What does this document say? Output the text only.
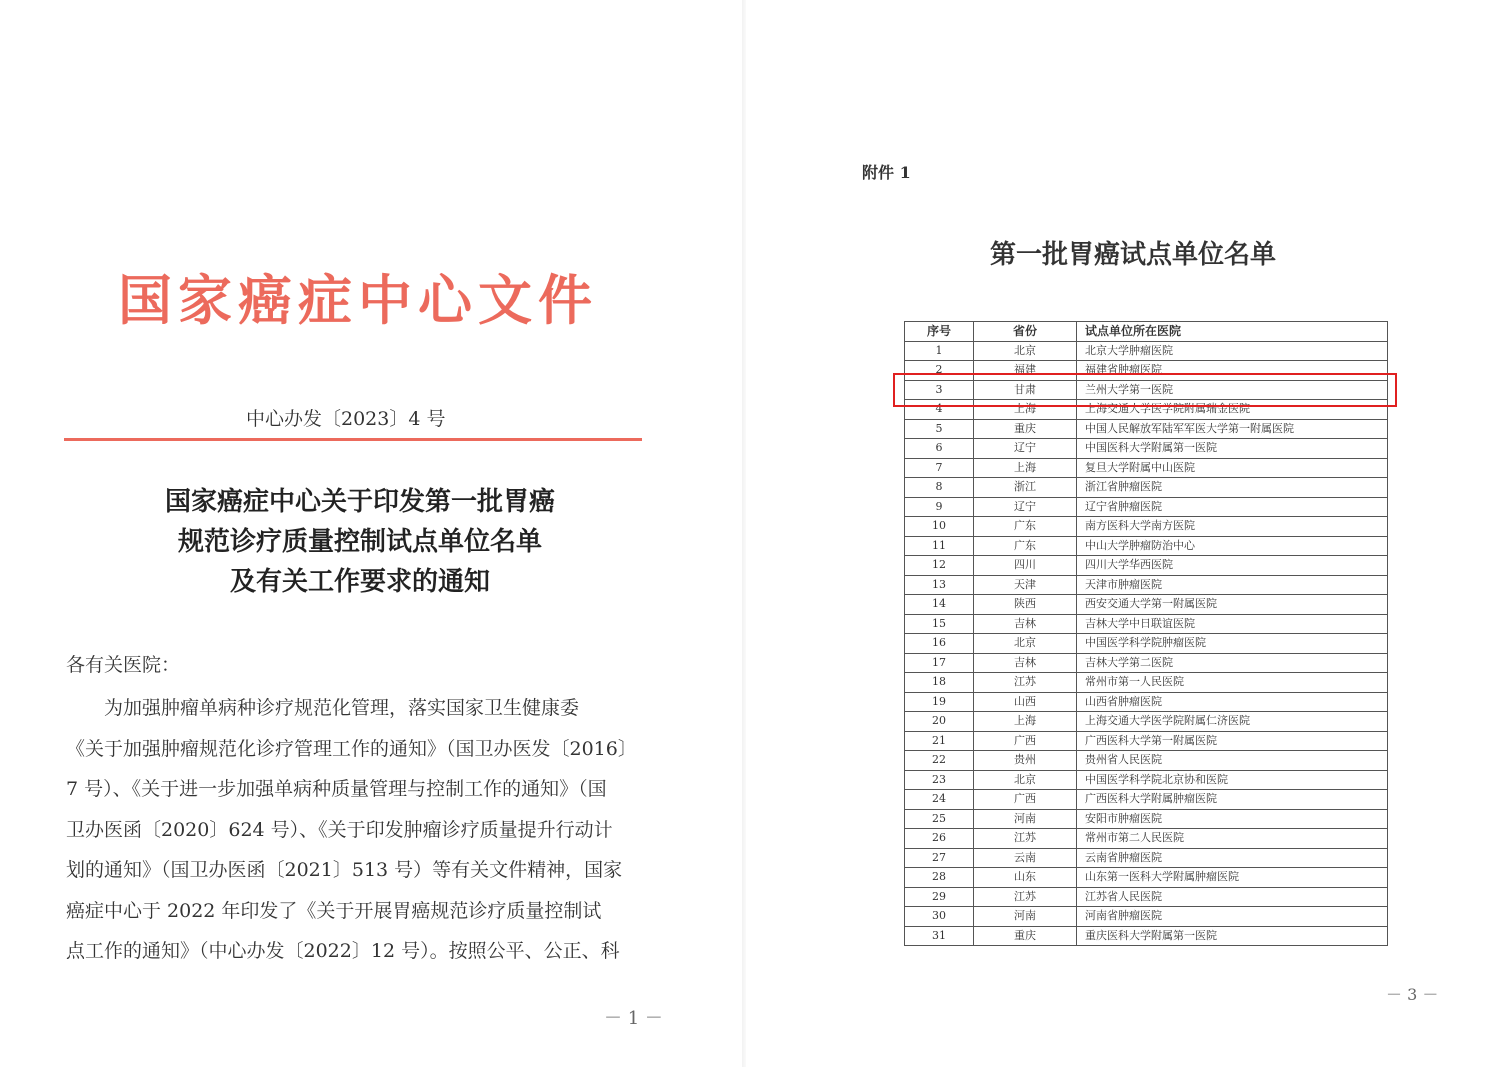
国家癌症中心文件
中心办发〔2023〕4 号
国家癌症中心关于印发第一批胃癌
规范诊疗质量控制试点单位名单
及有关工作要求的通知
各有关医院：
　　为加强肿瘤单病种诊疗规范化管理，落实国家卫生健康委
《关于加强肿瘤规范化诊疗管理工作的通知》（国卫办医发〔2016〕
7 号）、《关于进一步加强单病种质量管理与控制工作的通知》（国
卫办医函〔2020〕624 号）、《关于印发肿瘤诊疗质量提升行动计
划的通知》（国卫办医函〔2021〕513 号）等有关文件精神，国家
癌症中心于 2022 年印发了《关于开展胃癌规范诊疗质量控制试
点工作的通知》（中心办发〔2022〕12 号）。按照公平、公正、科
－ 1 －
附件 1
第一批胃癌试点单位名单
序号	省份	试点单位所在医院
1	北京	北京大学肿瘤医院
2	福建	福建省肿瘤医院
3	甘肃	兰州大学第一医院
4	上海	上海交通大学医学院附属瑞金医院
5	重庆	中国人民解放军陆军军医大学第一附属医院
6	辽宁	中国医科大学附属第一医院
7	上海	复旦大学附属中山医院
8	浙江	浙江省肿瘤医院
9	辽宁	辽宁省肿瘤医院
10	广东	南方医科大学南方医院
11	广东	中山大学肿瘤防治中心
12	四川	四川大学华西医院
13	天津	天津市肿瘤医院
14	陕西	西安交通大学第一附属医院
15	吉林	吉林大学中日联谊医院
16	北京	中国医学科学院肿瘤医院
17	吉林	吉林大学第二医院
18	江苏	常州市第一人民医院
19	山西	山西省肿瘤医院
20	上海	上海交通大学医学院附属仁济医院
21	广西	广西医科大学第一附属医院
22	贵州	贵州省人民医院
23	北京	中国医学科学院北京协和医院
24	广西	广西医科大学附属肿瘤医院
25	河南	安阳市肿瘤医院
26	江苏	常州市第二人民医院
27	云南	云南省肿瘤医院
28	山东	山东第一医科大学附属肿瘤医院
29	江苏	江苏省人民医院
30	河南	河南省肿瘤医院
31	重庆	重庆医科大学附属第一医院
－ 3 －
